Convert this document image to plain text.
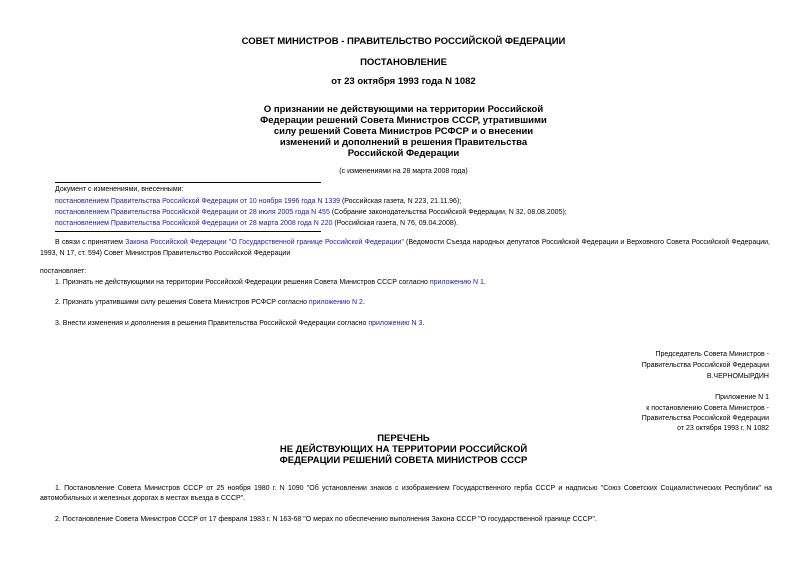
СОВЕТ МИНИСТРОВ - ПРАВИТЕЛЬСТВО РОССИЙСКОЙ ФЕДЕРАЦИИ
ПОСТАНОВЛЕНИЕ
от 23 октября 1993 года N 1082
О признании не действующими на территории Российской
Федерации решений Совета Министров СССР, утратившими
силу решений Совета Министров РСФСР и о внесении
изменений и дополнений в решения Правительства
Российской Федерации
(с изменениями на 28 марта 2008 года)
Документ с изменениями, внесенными:
постановлением Правительства Российской Федерации от 10 ноября 1996 года N 1339 (Российская газета, N 223, 21.11.96);
постановлением Правительства Российской Федерации от 28 июля 2005 года N 455 (Собрание законодательства Российской Федерации, N 32, 08.08.2005);
постановлением Правительства Российской Федерации от 28 марта 2008 года N 220 (Российская газета, N 76, 09.04.2008).
В связи с принятием Закона Российской Федерации "О Государственной границе Российской Федерации" (Ведомости Съезда народных депутатов Российской Федерации и Верховного Совета Российской Федерации, 1993, N 17, ст. 594) Совет Министров Правительство Российской Федерации
постановляет:
1. Признать не действующими на территории Российской Федерации решения Совета Министров СССР согласно приложению N 1.
2. Признать утратившими силу решения Совета Министров РСФСР согласно приложению N 2.
3. Внести изменения и дополнения в решения Правительства Российской Федерации согласно приложению N 3.
Председатель Совета Министров -
Правительства Российской Федерации
В.ЧЕРНОМЫРДИН
Приложение N 1
к постановлению Совета Министров -
Правительства Российской Федерации
от 23 октября 1993 г. N 1082
ПЕРЕЧЕНЬ
НЕ ДЕЙСТВУЮЩИХ НА ТЕРРИТОРИИ РОССИЙСКОЙ
ФЕДЕРАЦИИ РЕШЕНИЙ СОВЕТА МИНИСТРОВ СССР
1. Постановление Совета Министров СССР от 25 ноября 1980 г. N 1090 "Об установлении знаков с изображением Государственного герба СССР и надписью "Союз Советских Социалистических Республик" на автомобильных и железных дорогах в местах въезда в СССР".
2. Постановление Совета Министров СССР от 17 февраля 1983 г. N 163-68 "О мерах по обеспечению выполнения Закона СССР "О государственной границе СССР".
